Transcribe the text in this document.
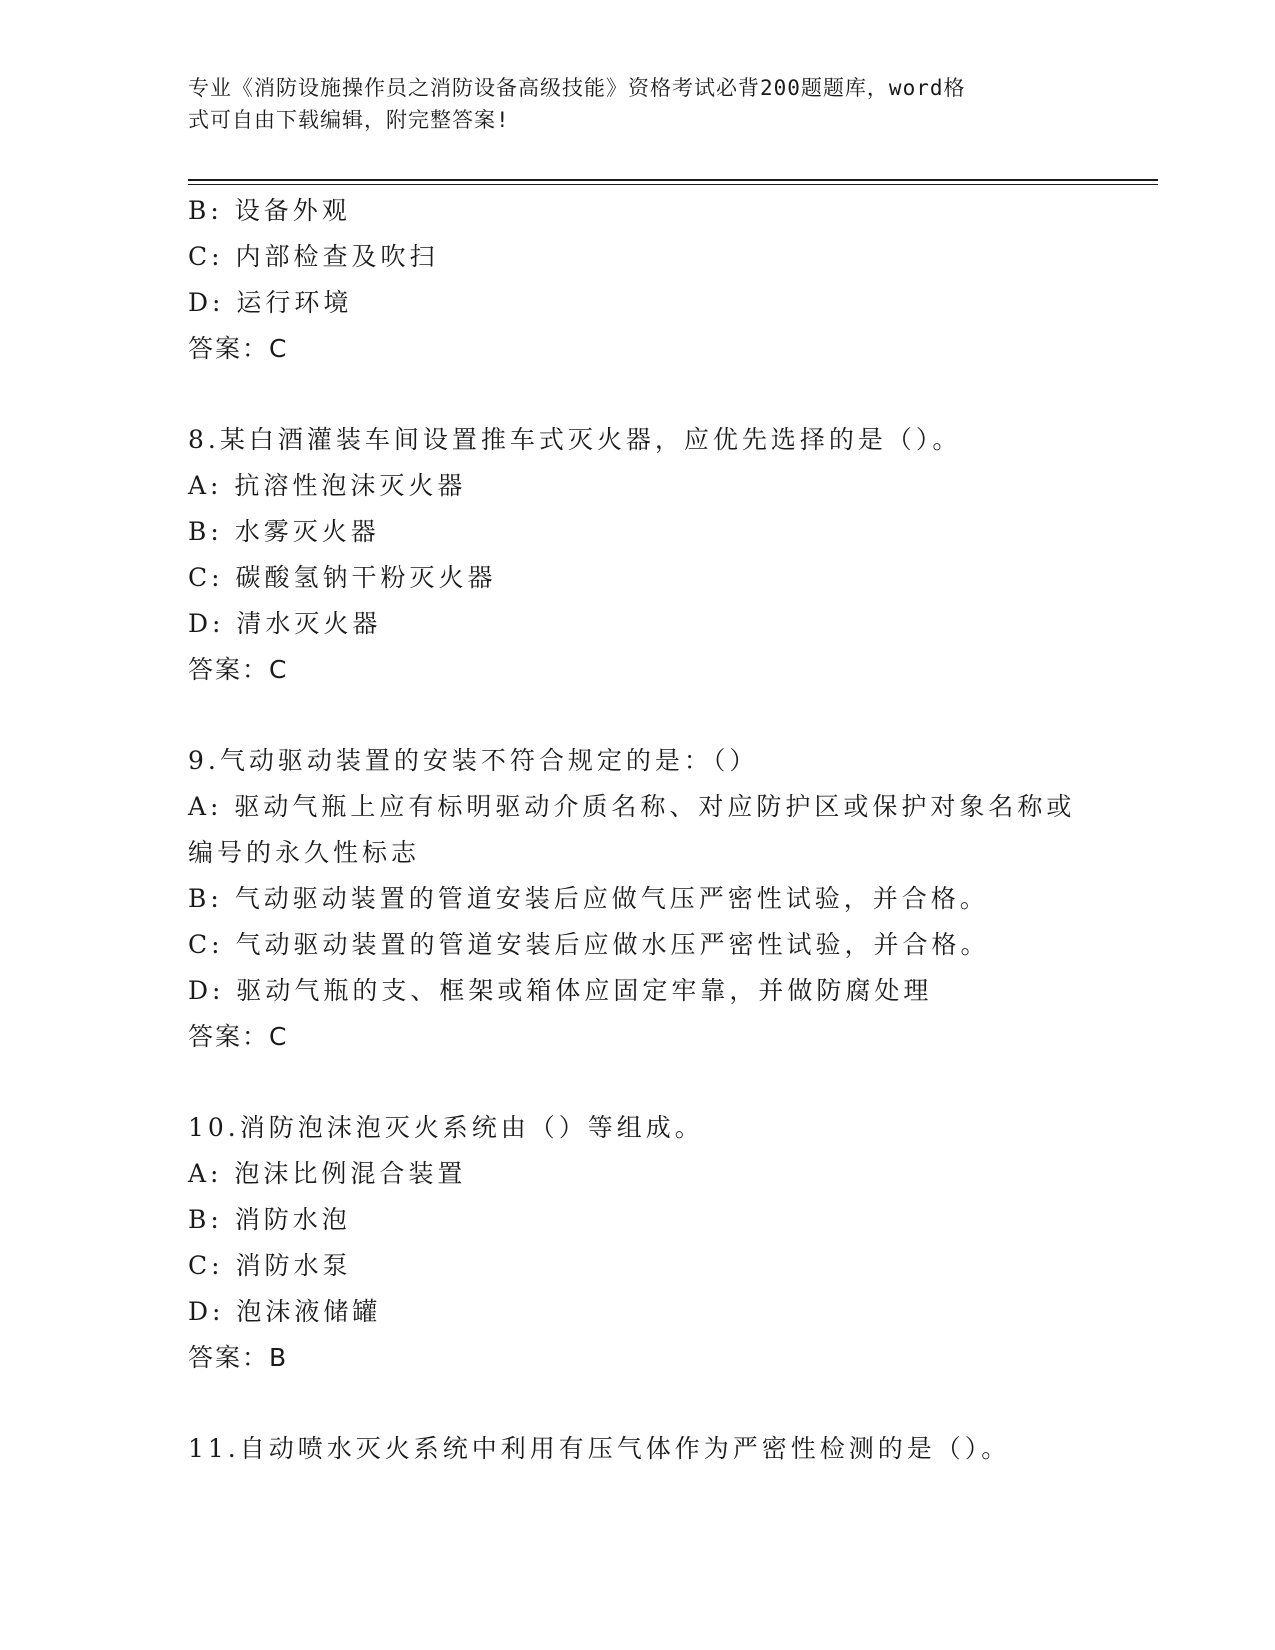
专业《消防设施操作员之消防设备高级技能》资格考试必背200题题库，word格
式可自由下载编辑，附完整答案!
B: 设备外观
C: 内部检查及吹扫
D: 运行环境
答案：C
8.某白酒灌装车间设置推车式灭火器，应优先选择的是（）。
A: 抗溶性泡沫灭火器
B: 水雾灭火器
C: 碳酸氢钠干粉灭火器
D: 清水灭火器
答案：C
9.气动驱动装置的安装不符合规定的是：（）
A: 驱动气瓶上应有标明驱动介质名称、对应防护区或保护对象名称或
编号的永久性标志
B: 气动驱动装置的管道安装后应做气压严密性试验，并合格。
C: 气动驱动装置的管道安装后应做水压严密性试验，并合格。
D: 驱动气瓶的支、框架或箱体应固定牢靠，并做防腐处理
答案：C
10.消防泡沫泡灭火系统由（）等组成。
A: 泡沫比例混合装置
B: 消防水泡
C: 消防水泵
D: 泡沫液储罐
答案：B
11.自动喷水灭火系统中利用有压气体作为严密性检测的是（）。
